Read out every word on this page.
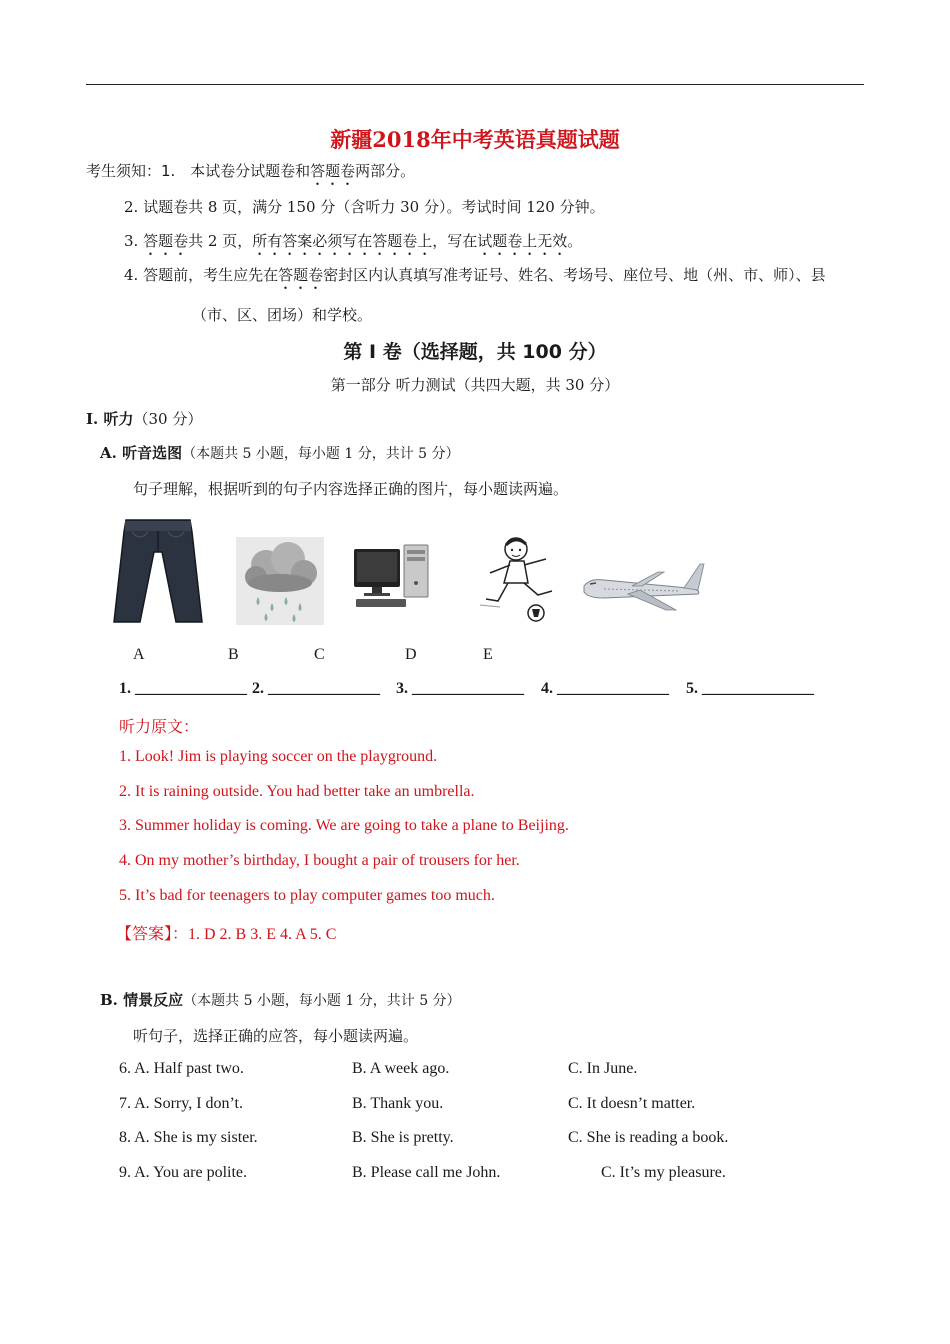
新疆2018年中考英语真题试题
考生须知：1. 本试卷分试题卷和答题卷两部分。
2. 试题卷共 8 页，满分 150 分（含听力 30 分）。考试时间 120 分钟。
3. 答题卷共 2 页，所有答案必须写在答题卷上，写在试题卷上无效。
4. 答题前，考生应先在答题卷密封区内认真填写准考证号、姓名、考场号、座位号、地（州、市、师）、县
（市、区、团场）和学校。
第 I 卷（选择题，共 100 分）
第一部分 听力测试（共四大题，共 30 分）
I. 听力（30 分）
A. 听音选图（本题共 5 小题，每小题 1 分，共计 5 分）
句子理解，根据听到的句子内容选择正确的图片，每小题读两遍。
A	B	C	D	E
1. ______________ 2. ______________ 3. ______________ 4. ______________ 5. ______________
听力原文：
1. Look! Jim is playing soccer on the playground.
2. It is raining outside. You had better take an umbrella.
3. Summer holiday is coming. We are going to take a plane to Beijing.
4. On my mother’s birthday, I bought a pair of trousers for her.
5. It’s bad for teenagers to play computer games too much.
【答案】：1. D 2. B 3. E 4. A 5. C
B. 情景反应（本题共 5 小题，每小题 1 分，共计 5 分）
听句子，选择正确的应答，每小题读两遍。
6. A. Half past two.	B. A week ago.	C. In June.
7. A. Sorry, I don’t.	B. Thank you.	C. It doesn’t matter.
8. A. She is my sister.	B. She is pretty.	C. She is reading a book.
9. A. You are polite.	B. Please call me John.	C. It’s my pleasure.
